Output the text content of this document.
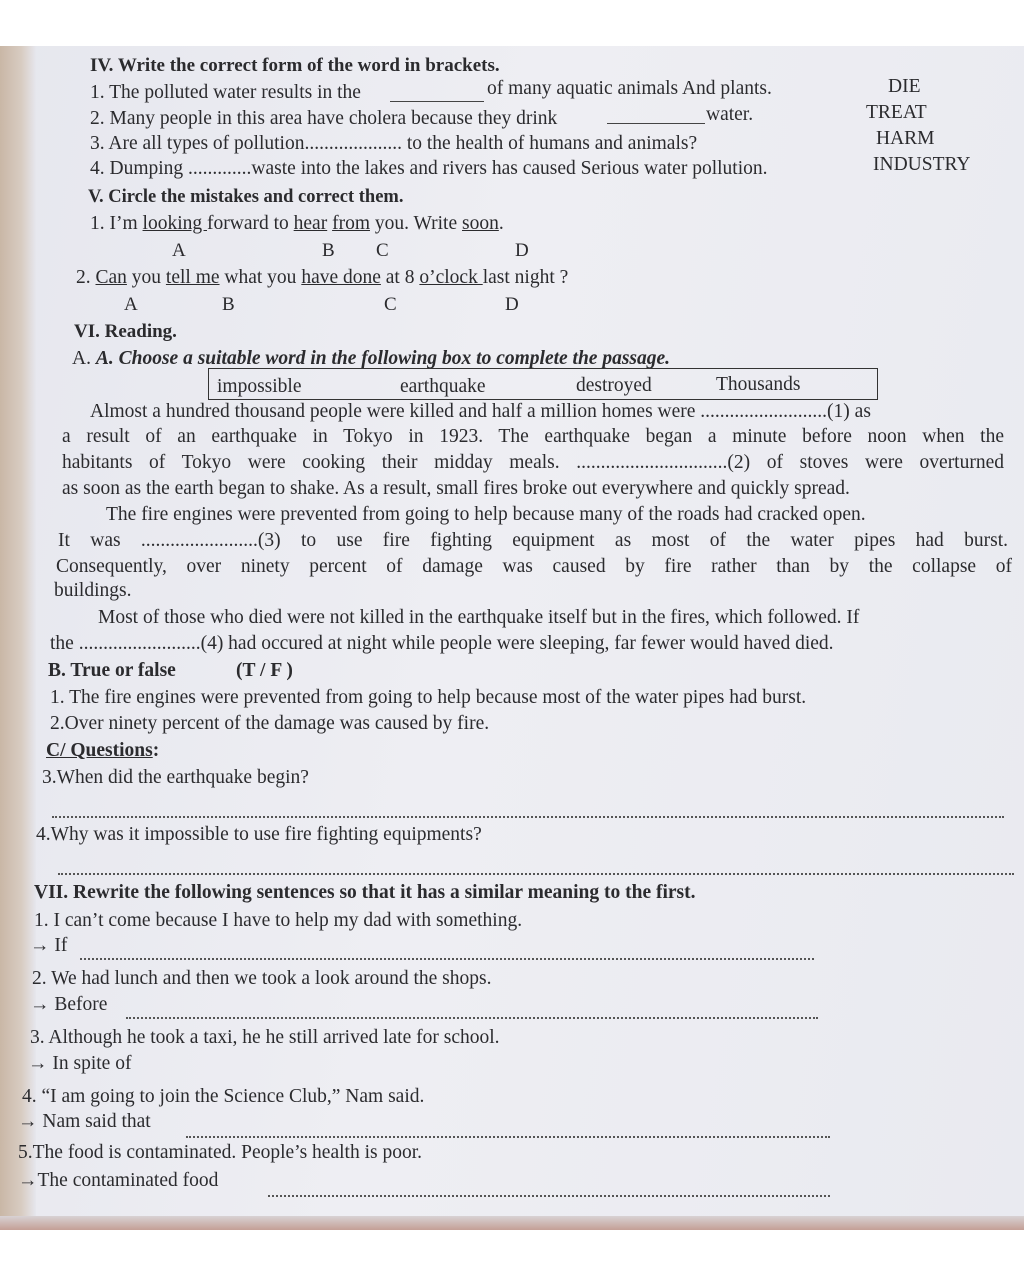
IV. Write the correct form of the word in brackets.
1. The polluted water results in the	of many aquatic animals And plants.	DIE
2. Many people in this area have cholera because they drink	water.	TREAT
3. Are all types of pollution.................... to the health of humans and animals?	HARM
4. Dumping .............waste into the lakes and rivers has caused Serious water pollution.	INDUSTRY
V. Circle the mistakes and correct them.
1. I’m looking forward to hear from you. Write soon.
A	B C	D
2. Can you tell me what you have done at 8 o’clock last night ?
A	B	C	D
VI. Reading.
A. A. Choose a suitable word in the following box to complete the passage.
impossible	earthquake	destroyed	Thousands
Almost a hundred thousand people were killed and half a million homes were ..........................(1) as
a result of an earthquake in Tokyo in 1923. The earthquake began a minute before noon when the
habitants of Tokyo were cooking their midday meals. ...............................(2) of stoves were overturned
as soon as the earth began to shake. As a result, small fires broke out everywhere and quickly spread.
The fire engines were prevented from going to help because many of the roads had cracked open.
It was ........................(3) to use fire fighting equipment as most of the water pipes had burst.
Consequently, over ninety percent of damage was caused by fire rather than by the collapse of
buildings.
Most of those who died were not killed in the earthquake itself but in the fires, which followed. If
the .........................(4) had occured at night while people were sleeping, far fewer would haved died.
B. True or false	(T / F )
1. The fire engines were prevented from going to help because most of the water pipes had burst.
2.Over ninety percent of the damage was caused by fire.
C/ Questions:
3.When did the earthquake begin?
4.Why was it impossible to use fire fighting equipments?
VII. Rewrite the following sentences so that it has a similar meaning to the first.
1. I can’t come because I have to help my dad with something.
→ If
2. We had lunch and then we took a look around the shops.
→ Before
3. Although he took a taxi, he he still arrived late for school.
→ In spite of
4. “I am going to join the Science Club,” Nam said.
→ Nam said that
5.The food is contaminated. People’s health is poor.
→The contaminated food
